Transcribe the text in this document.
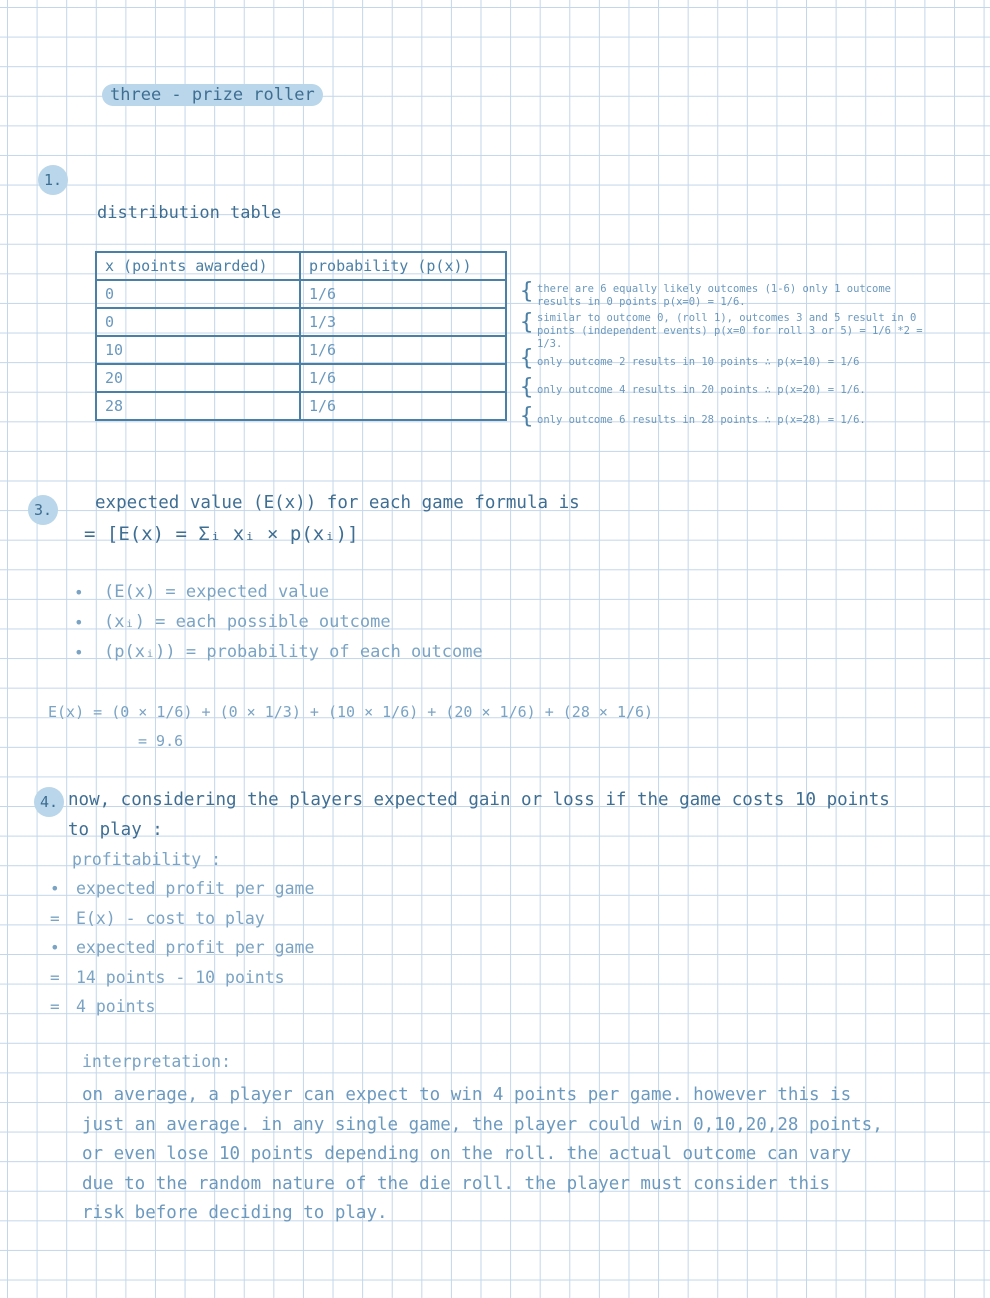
three - prize roller
1.
distribution table
x (points awarded)	probability (p(x))
0	1/6
0	1/3
10	1/6
20	1/6
28	1/6
{ there are 6 equally likely outcomes (1-6) only 1 outcome
results in 0 points p(x=0) = 1/6.
{ similar to outcome 0, (roll 1), outcomes 3 and 5 result in 0
points (independent events) p(x=0 for roll 3 or 5) = 1/6 *2 =
1/3.
{ only outcome 2 results in 10 points ∴ p(x=10) = 1/6
{ only outcome 4 results in 20 points ∴ p(x=20) = 1/6.
{ only outcome 6 results in 28 points ∴ p(x=28) = 1/6.
3.	expected value (E(x)) for each game formula is
= [E(x) = Σᵢ xᵢ × p(xᵢ)]
• (E(x) = expected value
• (xᵢ) = each possible outcome
• (p(xᵢ)) = probability of each outcome
E(x) = (0 × 1/6) + (0 × 1/3) + (10 × 1/6) + (20 × 1/6) + (28 × 1/6)
= 9.6
4. now, considering the players expected gain or loss if the game costs 10 points
to play :
profitability :
• expected profit per game
= E(x) - cost to play
• expected profit per game
= 14 points - 10 points
= 4 points
interpretation:
on average, a player can expect to win 4 points per game. however this is
just an average. in any single game, the player could win 0,10,20,28 points,
or even lose 10 points depending on the roll. the actual outcome can vary
due to the random nature of the die roll. the player must consider this
risk before deciding to play.
